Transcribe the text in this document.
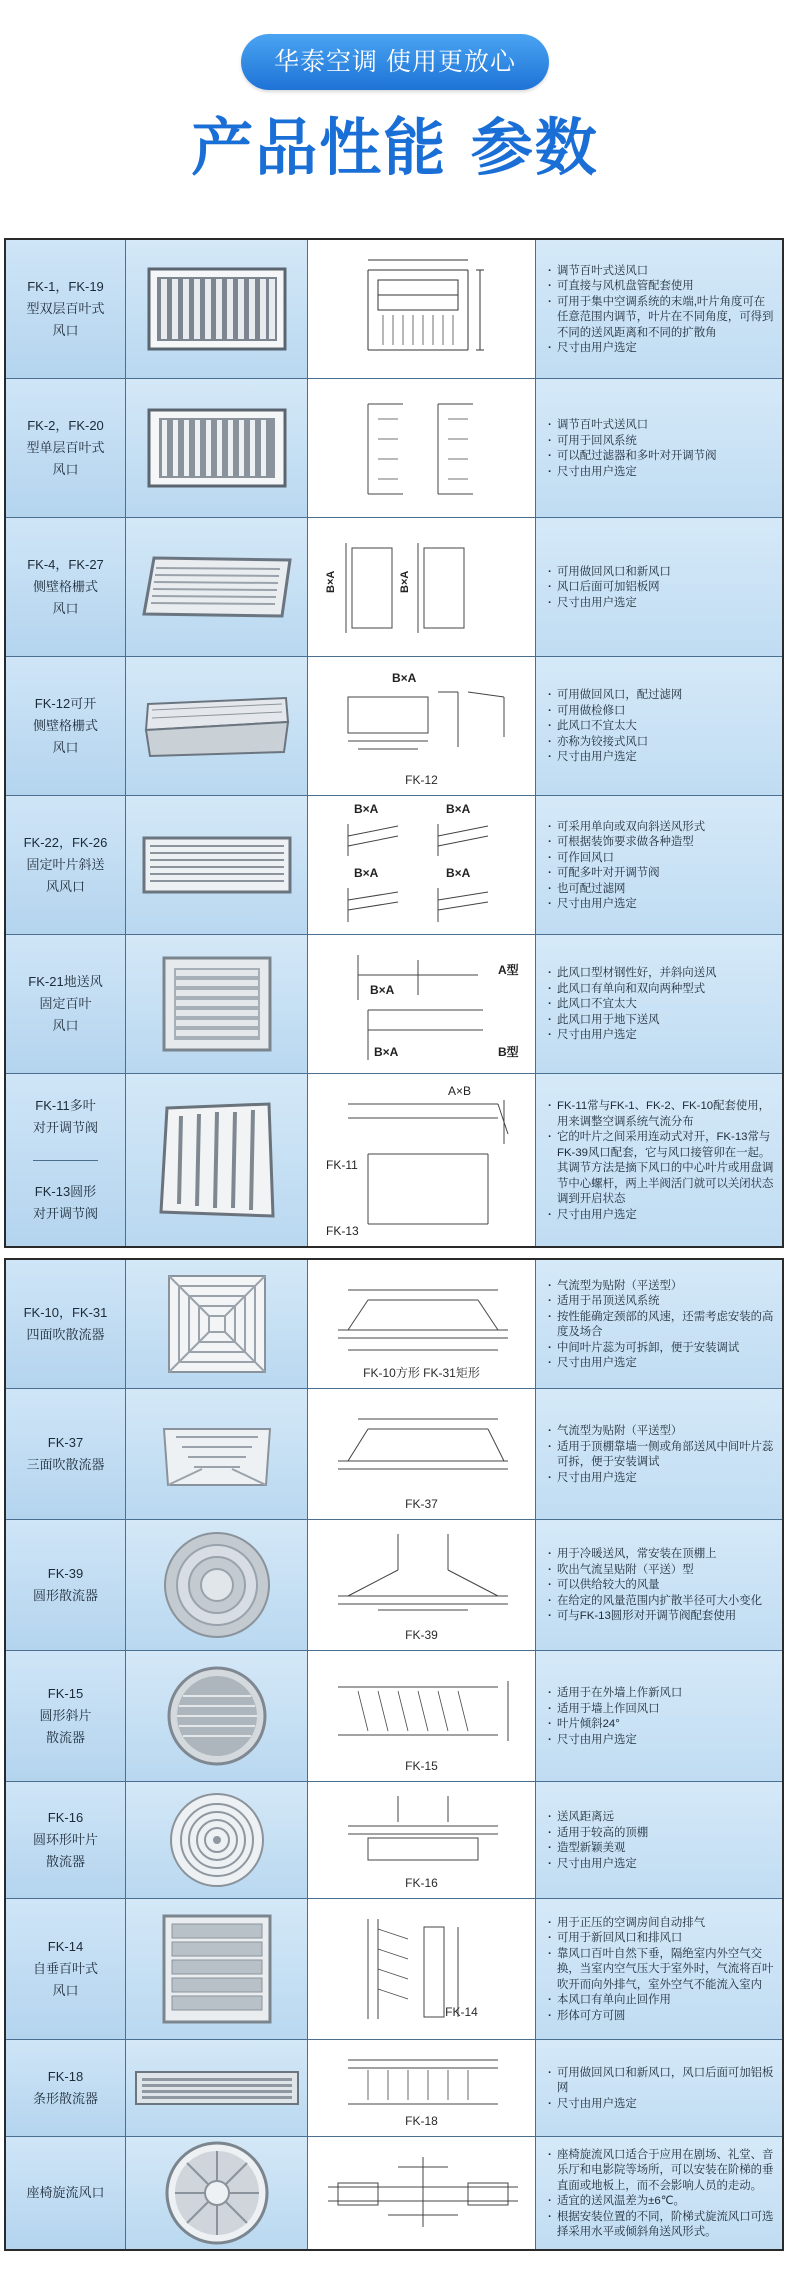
华泰空调 使用更放心
产品性能 参数
FK-1，FK-19
型双层百叶式
风口
· 调节百叶式送风口
· 可直接与风机盘管配套使用
· 可用于集中空调系统的末端,叶片角度可在任意范围内调节，叶片在不同角度，可得到不同的送风距离和不同的扩散角
· 尺寸由用户选定
FK-2，FK-20
型单层百叶式
风口
· 调节百叶式送风口
· 可用于回风系统
· 可以配过滤器和多叶对开调节阀
· 尺寸由用户选定
FK-4，FK-27
侧壁格栅式
风口
B×A	B×A
·	可用做回风口和新风口
· 风口后面可加铝板网
· 尺寸由用户选定
FK-12可开
侧壁格栅式
风口
B×A
FK-12
· 可用做回风口，配过滤网
· 可用做检修口
· 此风口不宜太大
· 亦称为铰接式风口
· 尺寸由用户选定
FK-22，FK-26
固定叶片斜送
风风口
B×A	B×A
B×A	B×A
· 可采用单向或双向斜送风形式
· 可根据装饰要求做各种造型
· 可作回风口
· 可配多叶对开调节阀
· 也可配过滤网
· 尺寸由用户选定
FK-21地送风
固定百叶
风口
B×A
B×A
A型
B型
· 此风口型材钢性好，并斜向送风
· 此风口有单向和双向两种型式
· 此风口不宜太大
· 此风口用于地下送风
· 尺寸由用户选定
FK-11多叶
对开调节阀
FK-13圆形
对开调节阀
A×B
FK-11
FK-13
· FK-11常与FK-1、FK-2、FK-10配套使用，用来调整空调系统气流分布
· 它的叶片之间采用连动式对开，FK-13常与FK-39风口配套，它与风口接管卯在一起。其调节方法是摘下风口的中心叶片或用盘调节中心螺杆，两上半阀活门就可以关闭状态调到开启状态
· 尺寸由用户选定
FK-10，FK-31
四面吹散流器
FK-10方形 FK-31矩形
· 气流型为贴附（平送型）
· 适用于吊顶送风系统
· 按性能确定颈部的风速，还需考虑安装的高度及场合
· 中间叶片蕊为可拆卸，便于安装调试
· 尺寸由用户选定
FK-37
三面吹散流器
FK-37
· 气流型为贴附（平送型）
· 适用于顶棚靠墙一侧或角部送风中间叶片蕊可拆，便于安装调试
· 尺寸由用户选定
FK-39
圆形散流器
FK-39
· 用于冷暖送风，常安装在顶棚上
· 吹出气流呈贴附（平送）型
· 可以供给较大的风量
· 在给定的风量范围内扩散半径可大小变化
· 可与FK-13圆形对开调节阀配套使用
FK-15
圆形斜片
散流器
FK-15
· 适用于在外墙上作新风口
· 适用于墙上作回风口
· 叶片倾斜24°
· 尺寸由用户选定
FK-16
圆环形叶片
散流器
FK-16
· 送风距离远
· 适用于较高的顶棚
· 造型新颖美观
· 尺寸由用户选定
FK-14
自垂百叶式
风口
FK-14
· 用于正压的空调房间自动排气
· 可用于新回风口和排风口
· 靠风口百叶自然下垂，隔绝室内外空气交换，当室内空气压大于室外时，气流将百叶吹开而向外排气，室外空气不能流入室内
· 本风口有单向止回作用
· 形体可方可圆
FK-18
条形散流器
FK-18
· 可用做回风口和新风口，风口后面可加铝板网
· 尺寸由用户选定
座椅旋流风口
· 座椅旋流风口适合于应用在剧场、礼堂、音乐厅和电影院等场所，可以安装在阶梯的垂直面或地板上，而不会影响人员的走动。
· 适宜的送风温差为±6℃。
· 根据安装位置的不同，阶梯式旋流风口可选择采用水平或倾斜角送风形式。
